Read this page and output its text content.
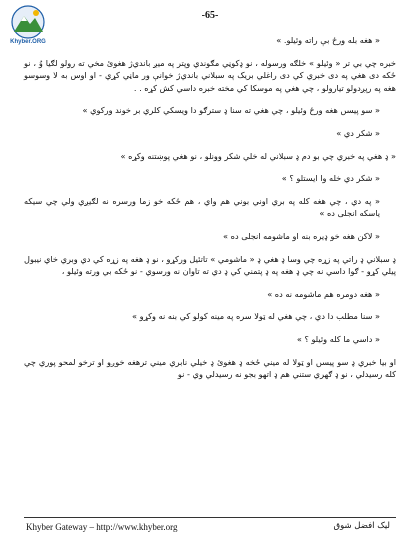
Khyber.ORG
-65-

« هغه بله ورځ بې راته وئيلو. »

خبره چي بي تر « وئيلو » خلګه ورسوله ، نو ډکوڼي مګوندي وپتر په میږ بانديﮊ هغوئ مخي ته رولو لګیا وُ ، نو ځکه دی هغي په دی خبري کي دی راغلي بريک په سبلاني بانديﮊ خوانې ور ماڼي کړي - او اوس به لا وسوسو هغه په رپږدولو تيارولو ، چي هغي په موسکا کي مخته خبره داسي کش کړه . .

« سو پيسں هغه ورځ وئيلو ، چي هغي ته سنا ډ سترګو دا ويسکي کلري بر خوند ورکوي »

« شکر دي »

« ډ هغي په خبري چي بو دم ډ سبلاني له خلي شکر وونلو ، نو هغي پوښتنه وکړه »

« شکر دي خله وا ايستلو ؟ »

« په دي ، چي هغه کله په بري اوني بوني هم واي ، هم ځکه خو زما ورسره نه لګيږي ولي چي سيکه ياسکه انجلی ده »

« لاکن هغه خو ډيره بنه او ماشومه انجلی ده »

ډ سبلاني ډ راتي په زړه چي وسا ډ هغي ډ « ماشومي » تاتئیل ورکړو ، نو ډ هغه په زړه کي دي وبري خاي نيبول پيلي کړو - ګوا داسي نه چي ډ هغه په ډ پتمني کي ډ دي ته تاوان نه ورسوي - نو ځکه بي ورته وئيلو ،

« هغه دومره هم ماشومه نه ده »

« سنا مطلب دا دي ، چي هغي له ټولا سره په مينه کولو کي بنه نه وکړو »

« داسي ما کله وئيلو ؟ »

او بيا خبري ډ سو پيسں او ټولا له ميني ځخه ډ هغوئ ډ خيلي نابري ميني ترهغه خوږو او ترخو لمحو پوري چي کله رسيدلي ، نو ډ ګهري ستني هم ډ اتهو بجو نه رسيدلي وي - نو

Khyber Gateway – http://www.khyber.org	ليک افضل شوق
